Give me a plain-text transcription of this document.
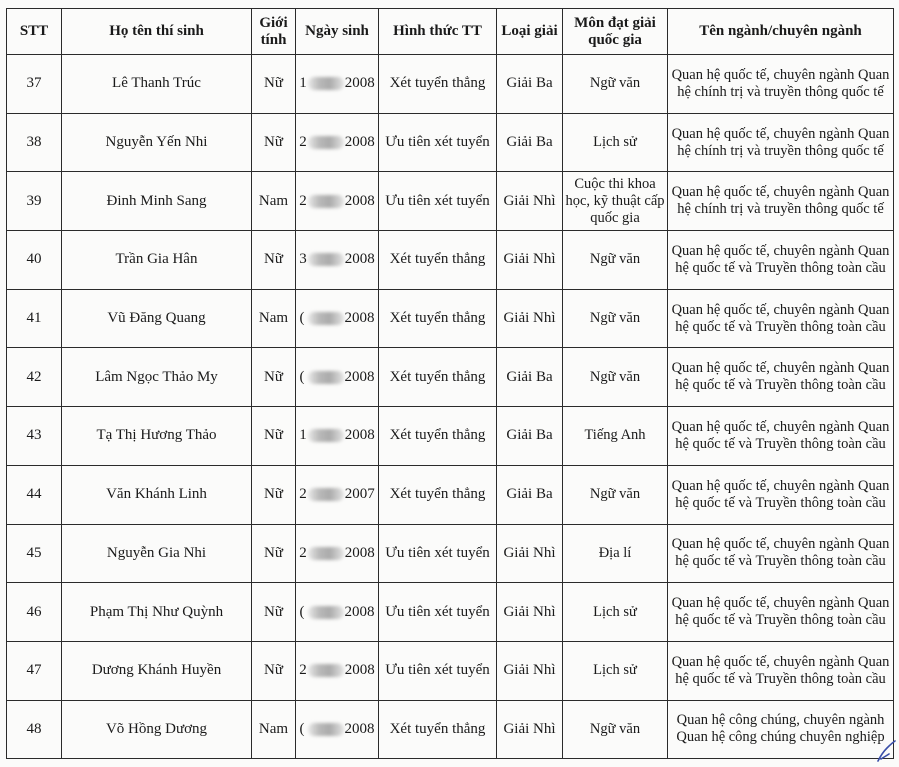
STT	Họ tên thí sinh	Giới tính	Ngày sinh	Hình thức TT	Loại giải	Môn đạt giải quốc gia	Tên ngành/chuyên ngành
37	Lê Thanh Trúc	Nữ	1 2008	Xét tuyển thẳng	Giải Ba	Ngữ văn	Quan hệ quốc tế, chuyên ngành Quan hệ chính trị và truyền thông quốc tế
38	Nguyễn Yến Nhi	Nữ	2 2008	Ưu tiên xét tuyển	Giải Ba	Lịch sử	Quan hệ quốc tế, chuyên ngành Quan hệ chính trị và truyền thông quốc tế
39	Đinh Minh Sang	Nam	2 2008	Ưu tiên xét tuyển	Giải Nhì	Cuộc thi khoa học, kỹ thuật cấp quốc gia	Quan hệ quốc tế, chuyên ngành Quan hệ chính trị và truyền thông quốc tế
40	Trần Gia Hân	Nữ	3 2008	Xét tuyển thẳng	Giải Nhì	Ngữ văn	Quan hệ quốc tế, chuyên ngành Quan hệ quốc tế và Truyền thông toàn cầu
41	Vũ Đăng Quang	Nam	( 2008	Xét tuyển thẳng	Giải Nhì	Ngữ văn	Quan hệ quốc tế, chuyên ngành Quan hệ quốc tế và Truyền thông toàn cầu
42	Lâm Ngọc Thảo My	Nữ	( 2008	Xét tuyển thẳng	Giải Ba	Ngữ văn	Quan hệ quốc tế, chuyên ngành Quan hệ quốc tế và Truyền thông toàn cầu
43	Tạ Thị Hương Thảo	Nữ	1 2008	Xét tuyển thẳng	Giải Ba	Tiếng Anh	Quan hệ quốc tế, chuyên ngành Quan hệ quốc tế và Truyền thông toàn cầu
44	Văn Khánh Linh	Nữ	2 2007	Xét tuyển thẳng	Giải Ba	Ngữ văn	Quan hệ quốc tế, chuyên ngành Quan hệ quốc tế và Truyền thông toàn cầu
45	Nguyễn Gia Nhi	Nữ	2 2008	Ưu tiên xét tuyển	Giải Nhì	Địa lí	Quan hệ quốc tế, chuyên ngành Quan hệ quốc tế và Truyền thông toàn cầu
46	Phạm Thị Như Quỳnh	Nữ	( 2008	Ưu tiên xét tuyển	Giải Nhì	Lịch sử	Quan hệ quốc tế, chuyên ngành Quan hệ quốc tế và Truyền thông toàn cầu
47	Dương Khánh Huyền	Nữ	2 2008	Ưu tiên xét tuyển	Giải Nhì	Lịch sử	Quan hệ quốc tế, chuyên ngành Quan hệ quốc tế và Truyền thông toàn cầu
48	Võ Hồng Dương	Nam	( 2008	Xét tuyển thẳng	Giải Nhì	Ngữ văn	Quan hệ công chúng, chuyên ngành Quan hệ công chúng chuyên nghiệp
